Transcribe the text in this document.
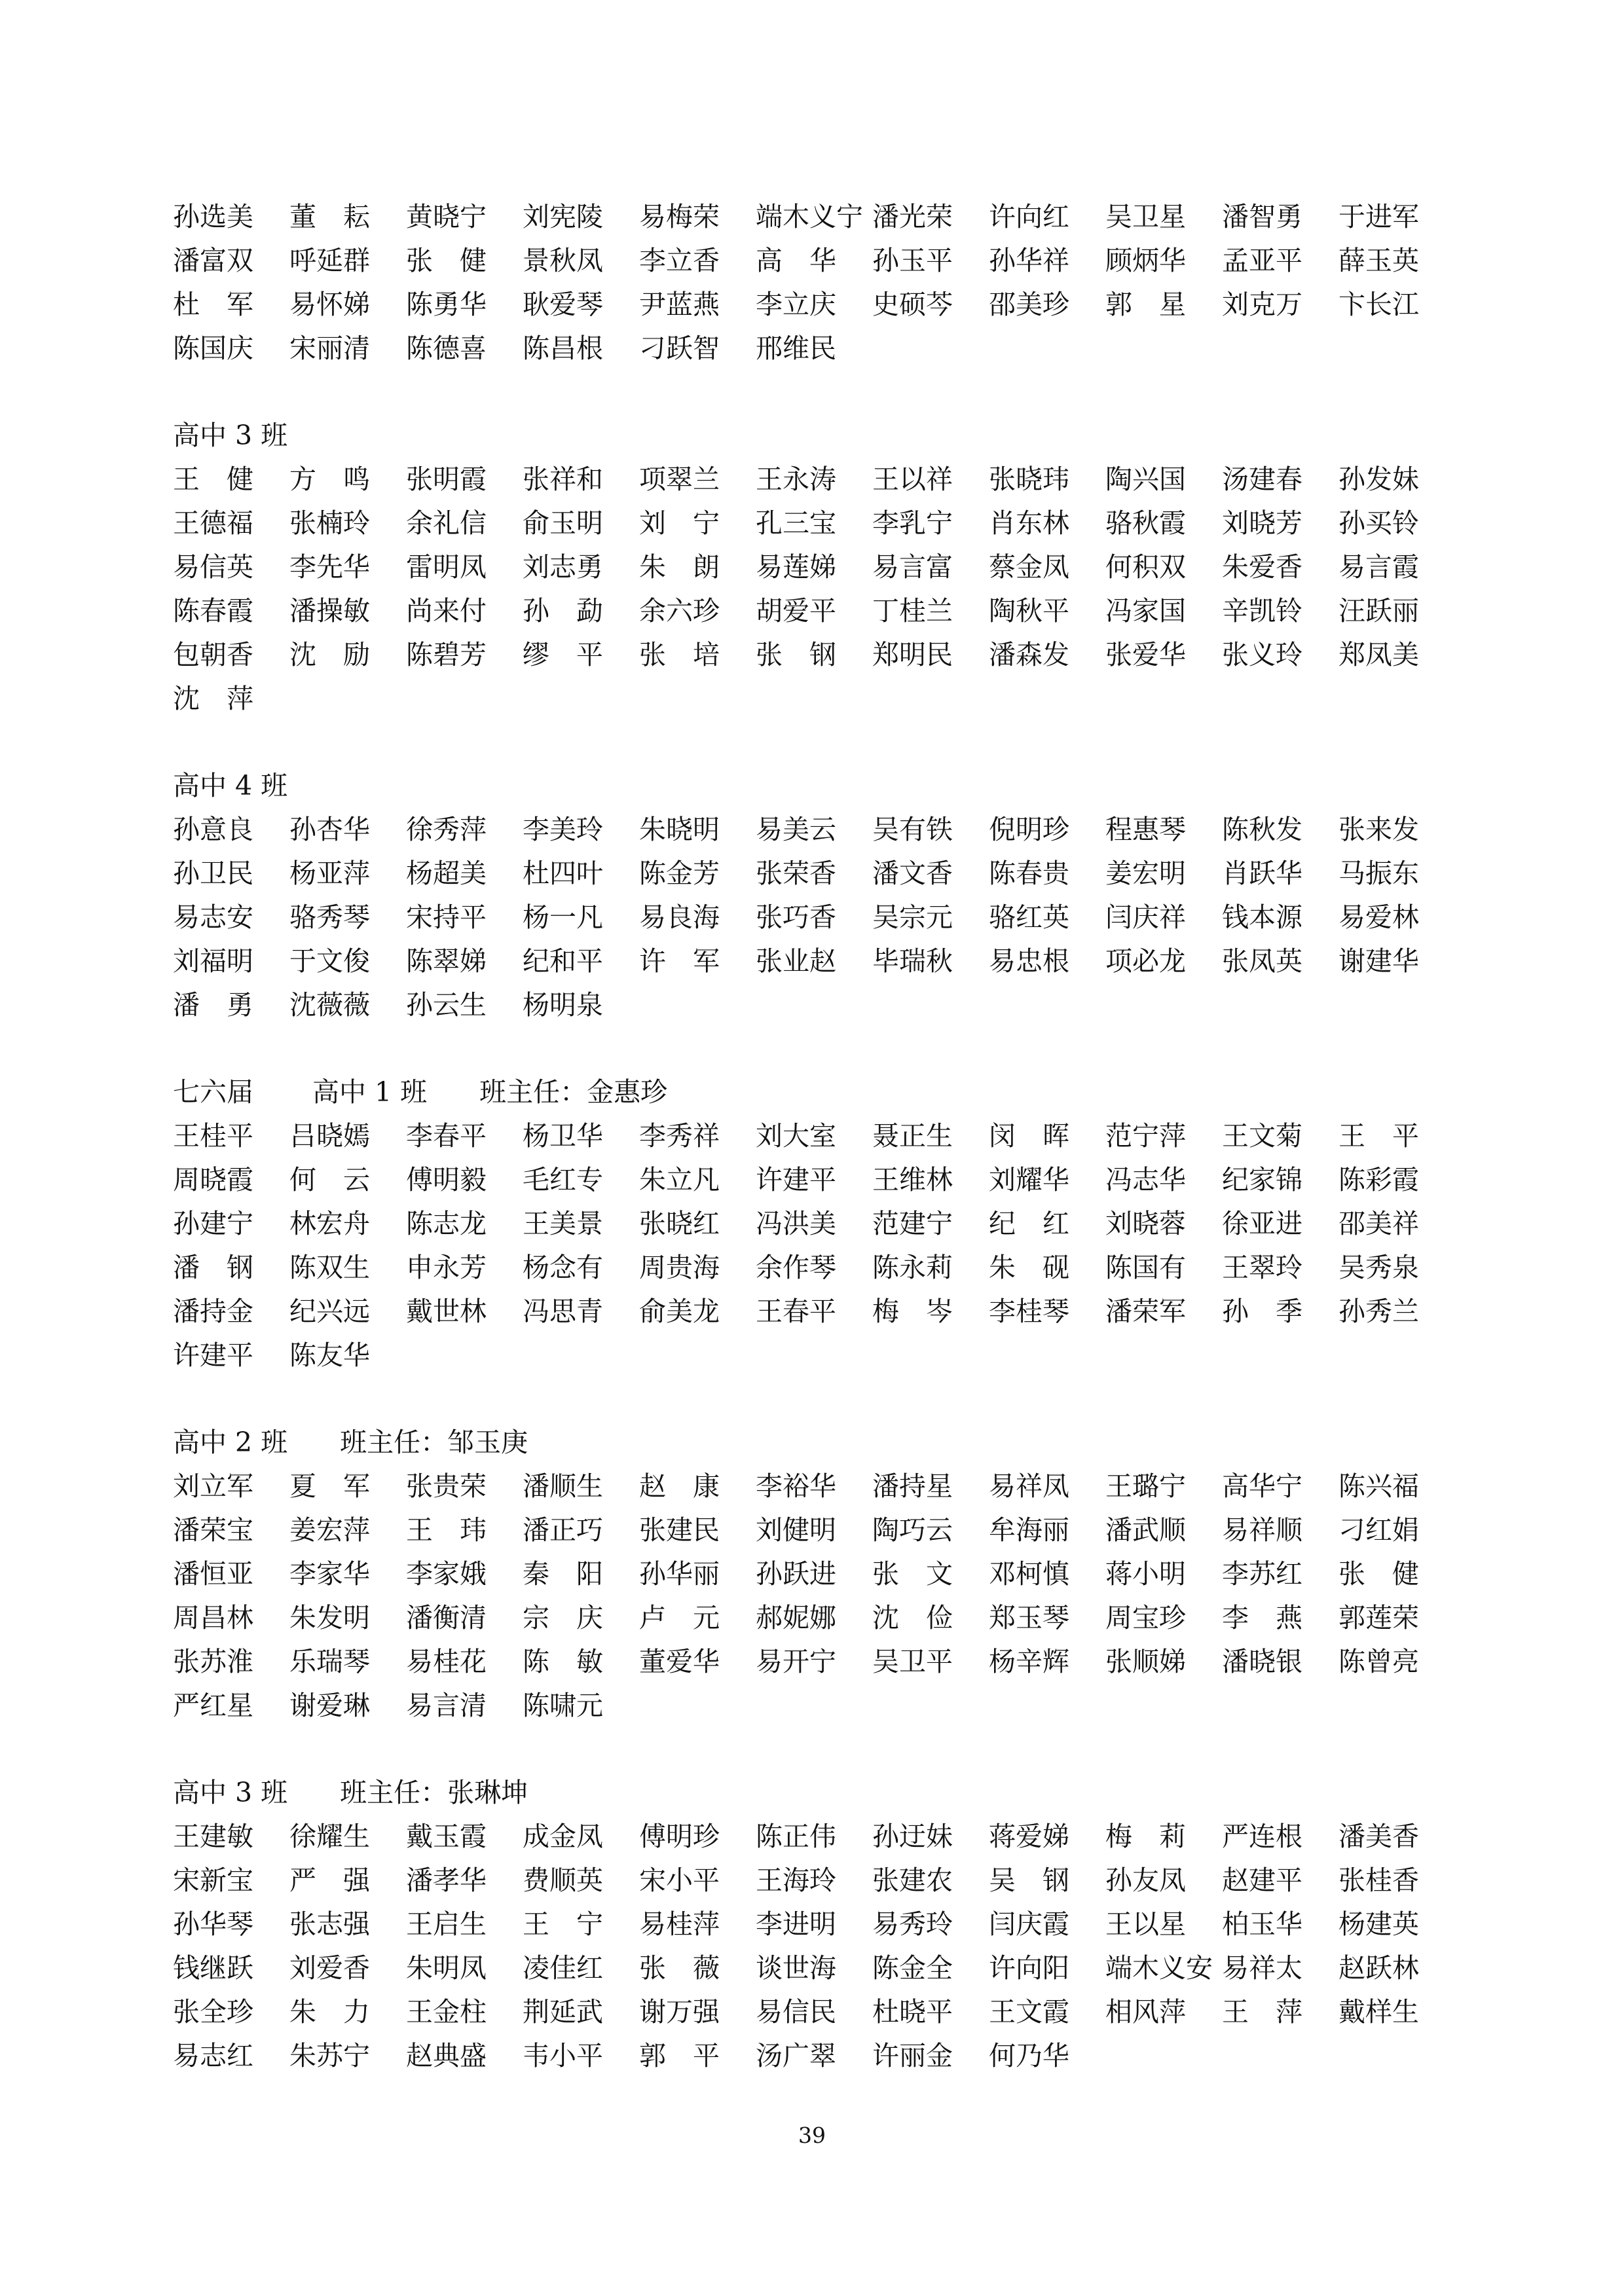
孙选美	董　耘	黄晓宁	刘宪陵	易梅荣	端木义宁 潘光荣	许向红	吴卫星	潘智勇	于进军
潘富双	呼延群	张　健	景秋凤	李立香	高　华	孙玉平	孙华祥	顾炳华	孟亚平	薛玉英
杜　军	易怀娣	陈勇华	耿爱琴	尹蓝燕	李立庆	史硕芩	邵美珍	郭　星	刘克万	卞长江
陈国庆	宋丽清	陈德喜	陈昌根	刁跃智	邢维民
高中 3 班
王　健	方　鸣	张明霞	张祥和	项翠兰	王永涛	王以祥	张晓玮	陶兴国	汤建春	孙发妹
王德福	张楠玲	余礼信	俞玉明	刘　宁	孔三宝	李乳宁	肖东林	骆秋霞	刘晓芳	孙买铃
易信英	李先华	雷明凤	刘志勇	朱　朗	易莲娣	易言富	蔡金凤	何积双	朱爱香	易言霞
陈春霞	潘操敏	尚来付	孙　勐	余六珍	胡爱平	丁桂兰	陶秋平	冯家国	辛凯铃	汪跃丽
包朝香	沈　励	陈碧芳	缪　平	张　培	张　钢	郑明民	潘森发	张爱华	张义玲	郑凤美
沈　萍
高中 4 班
孙意良	孙杏华	徐秀萍	李美玲	朱晓明	易美云	吴有铁	倪明珍	程惠琴	陈秋发	张来发
孙卫民	杨亚萍	杨超美	杜四叶	陈金芳	张荣香	潘文香	陈春贵	姜宏明	肖跃华	马振东
易志安	骆秀琴	宋持平	杨一凡	易良海	张巧香	吴宗元	骆红英	闫庆祥	钱本源	易爱林
刘福明	于文俊	陈翠娣	纪和平	许　军	张业赵	毕瑞秋	易忠根	项必龙	张凤英	谢建华
潘　勇	沈薇薇	孙云生	杨明泉
七六届 高中 1 班 班主任：金惠珍
王桂平	吕晓嫣	李春平	杨卫华	李秀祥	刘大室	聂正生	闵　晖	范宁萍	王文菊	王　平
周晓霞	何　云	傅明毅	毛红专	朱立凡	许建平	王维林	刘耀华	冯志华	纪家锦	陈彩霞
孙建宁	林宏舟	陈志龙	王美景	张晓红	冯洪美	范建宁	纪　红	刘晓蓉	徐亚进	邵美祥
潘　钢	陈双生	申永芳	杨念有	周贵海	余作琴	陈永莉	朱　砚	陈国有	王翠玲	吴秀泉
潘持金	纪兴远	戴世林	冯思青	俞美龙	王春平	梅　岑	李桂琴	潘荣军	孙　季	孙秀兰
许建平	陈友华
高中 2 班 班主任：邹玉庚
刘立军	夏　军	张贵荣	潘顺生	赵　康	李裕华	潘持星	易祥凤	王璐宁	高华宁	陈兴福
潘荣宝	姜宏萍	王　玮	潘正巧	张建民	刘健明	陶巧云	牟海丽	潘武顺	易祥顺	刁红娟
潘恒亚	李家华	李家娥	秦　阳	孙华丽	孙跃进	张　文	邓柯慎	蒋小明	李苏红	张　健
周昌林	朱发明	潘衡清	宗　庆	卢　元	郝妮娜	沈　俭	郑玉琴	周宝珍	李　燕	郭莲荣
张苏淮	乐瑞琴	易桂花	陈　敏	董爱华	易开宁	吴卫平	杨辛辉	张顺娣	潘晓银	陈曾亮
严红星	谢爱琳	易言清	陈啸元
高中 3 班 班主任：张琳坤
王建敏	徐耀生	戴玉霞	成金凤	傅明珍	陈正伟	孙迂妹	蒋爱娣	梅　莉	严连根	潘美香
宋新宝	严　强	潘孝华	费顺英	宋小平	王海玲	张建农	吴　钢	孙友凤	赵建平	张桂香
孙华琴	张志强	王启生	王　宁	易桂萍	李进明	易秀玲	闫庆霞	王以星	柏玉华	杨建英
钱继跃	刘爱香	朱明凤	凌佳红	张　薇	谈世海	陈金全	许向阳	端木义安 易祥太	赵跃林
张全珍	朱　力	王金柱	荆延武	谢万强	易信民	杜晓平	王文霞	相风萍	王　萍	戴样生
易志红	朱苏宁	赵典盛	韦小平	郭　平	汤广翠	许丽金	何乃华
39
